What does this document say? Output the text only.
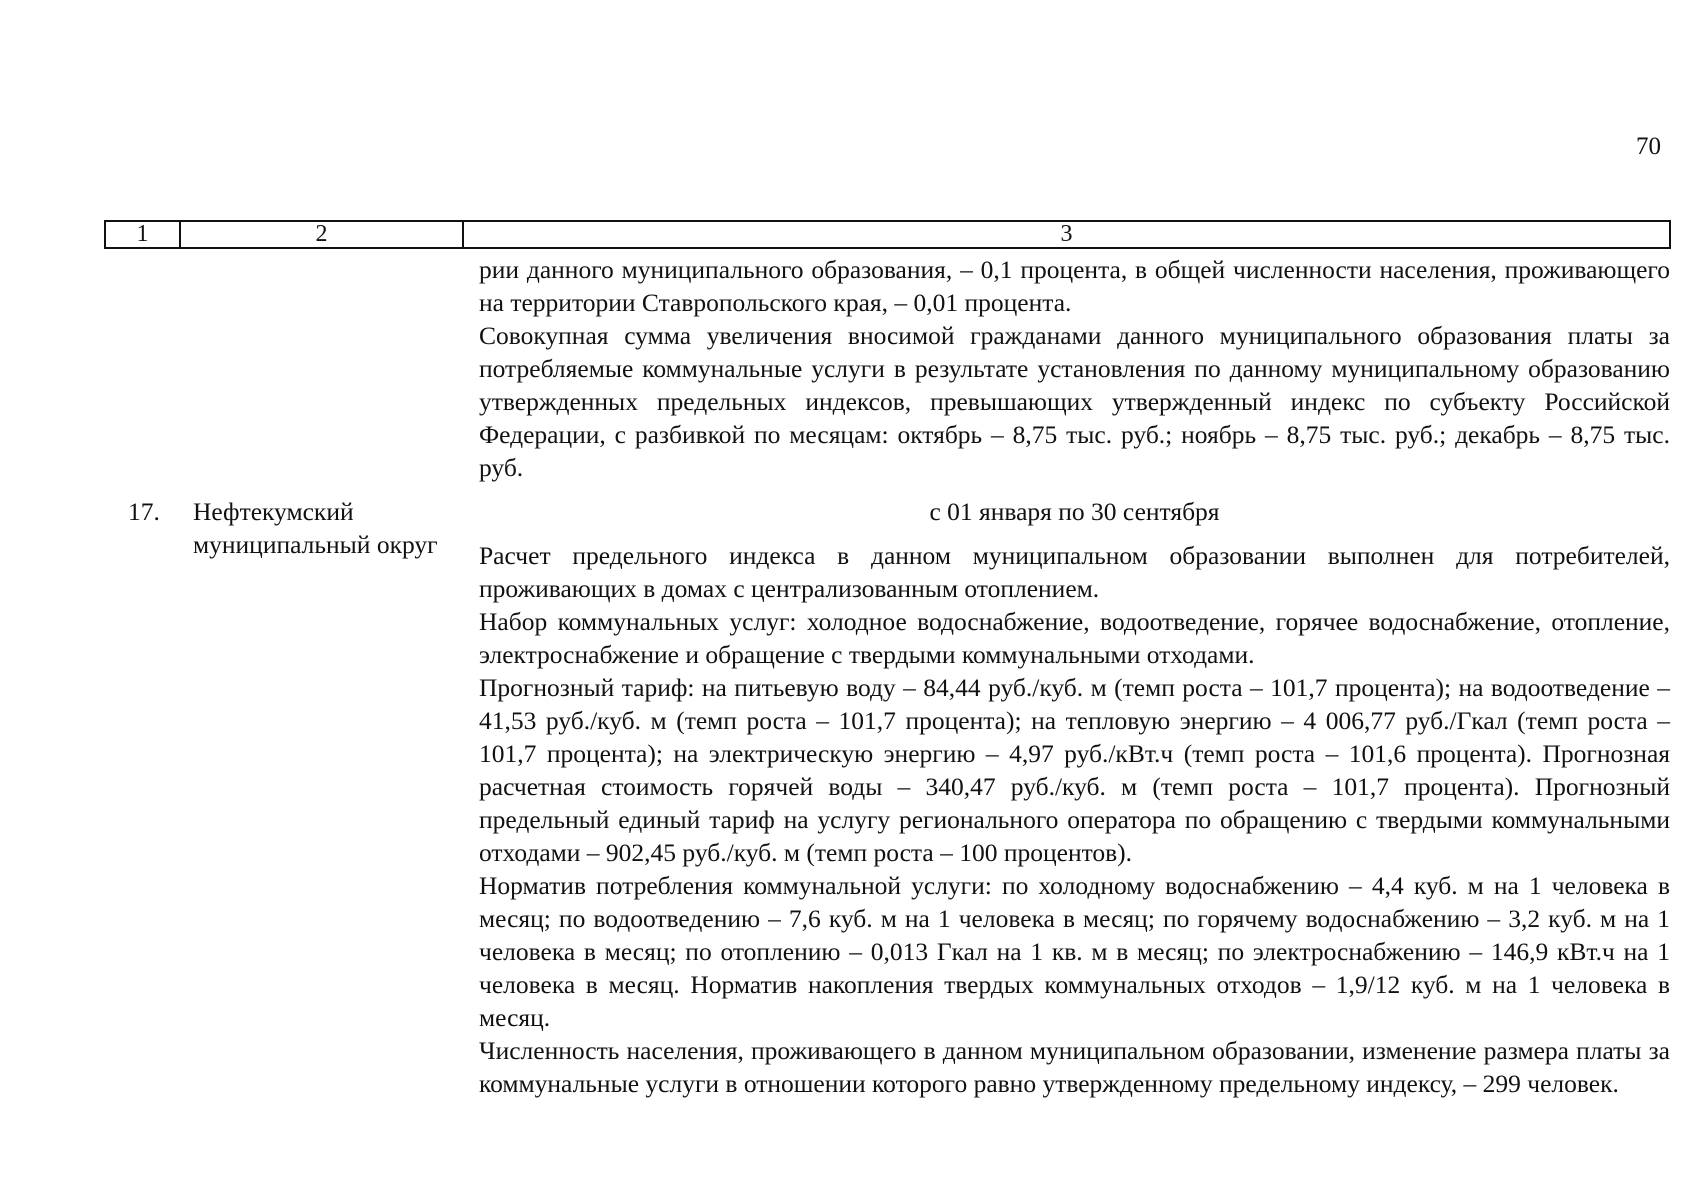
70
1	2	3

рии данного муниципального образования, – 0,1 процента, в общей численности населения, проживающего на территории Ставропольского края, – 0,01 процента.

Совокупная сумма увеличения вносимой гражданами данного муниципального образования платы за потребляемые коммунальные услуги в результате установления по данному муниципальному образованию утвержденных предельных индексов, превышающих утвержденный индекс по субъекту Российской Федерации, с разбивкой по месяцам: октябрь – 8,75 тыс. руб.; ноябрь – 8,75 тыс. руб.; декабрь – 8,75 тыс. руб.

17. Нефтекумский муниципальный округ

с 01 января по 30 сентября

Расчет предельного индекса в данном муниципальном образовании выполнен для потребителей, проживающих в домах с централизованным отоплением.

Набор коммунальных услуг: холодное водоснабжение, водоотведение, горячее водоснабжение, отопление, электроснабжение и обращение с твердыми коммунальными отходами.

Прогнозный тариф: на питьевую воду – 84,44 руб./куб. м (темп роста – 101,7 процента); на водоотведение – 41,53 руб./куб. м (темп роста – 101,7 процента); на тепловую энергию – 4 006,77 руб./Гкал (темп роста – 101,7 процента); на электрическую энергию – 4,97 руб./кВт.ч (темп роста – 101,6 процента). Прогнозная расчетная стоимость горячей воды – 340,47 руб./куб. м (темп роста – 101,7 процента). Прогнозный предельный единый тариф на услугу регионального оператора по обращению с твердыми коммунальными отходами – 902,45 руб./куб. м (темп роста – 100 процентов).

Норматив потребления коммунальной услуги: по холодному водоснабжению – 4,4 куб. м на 1 человека в месяц; по водоотведению – 7,6 куб. м на 1 человека в месяц; по горячему водоснабжению – 3,2 куб. м на 1 человека в месяц; по отоплению – 0,013 Гкал на 1 кв. м в месяц; по электроснабжению – 146,9 кВт.ч на 1 человека в месяц. Норматив накопления твердых коммунальных отходов – 1,9/12 куб. м на 1 человека в месяц.

Численность населения, проживающего в данном муниципальном образовании, изменение размера платы за коммунальные услуги в отношении которого равно утвержденному предельному индексу, – 299 человек.
